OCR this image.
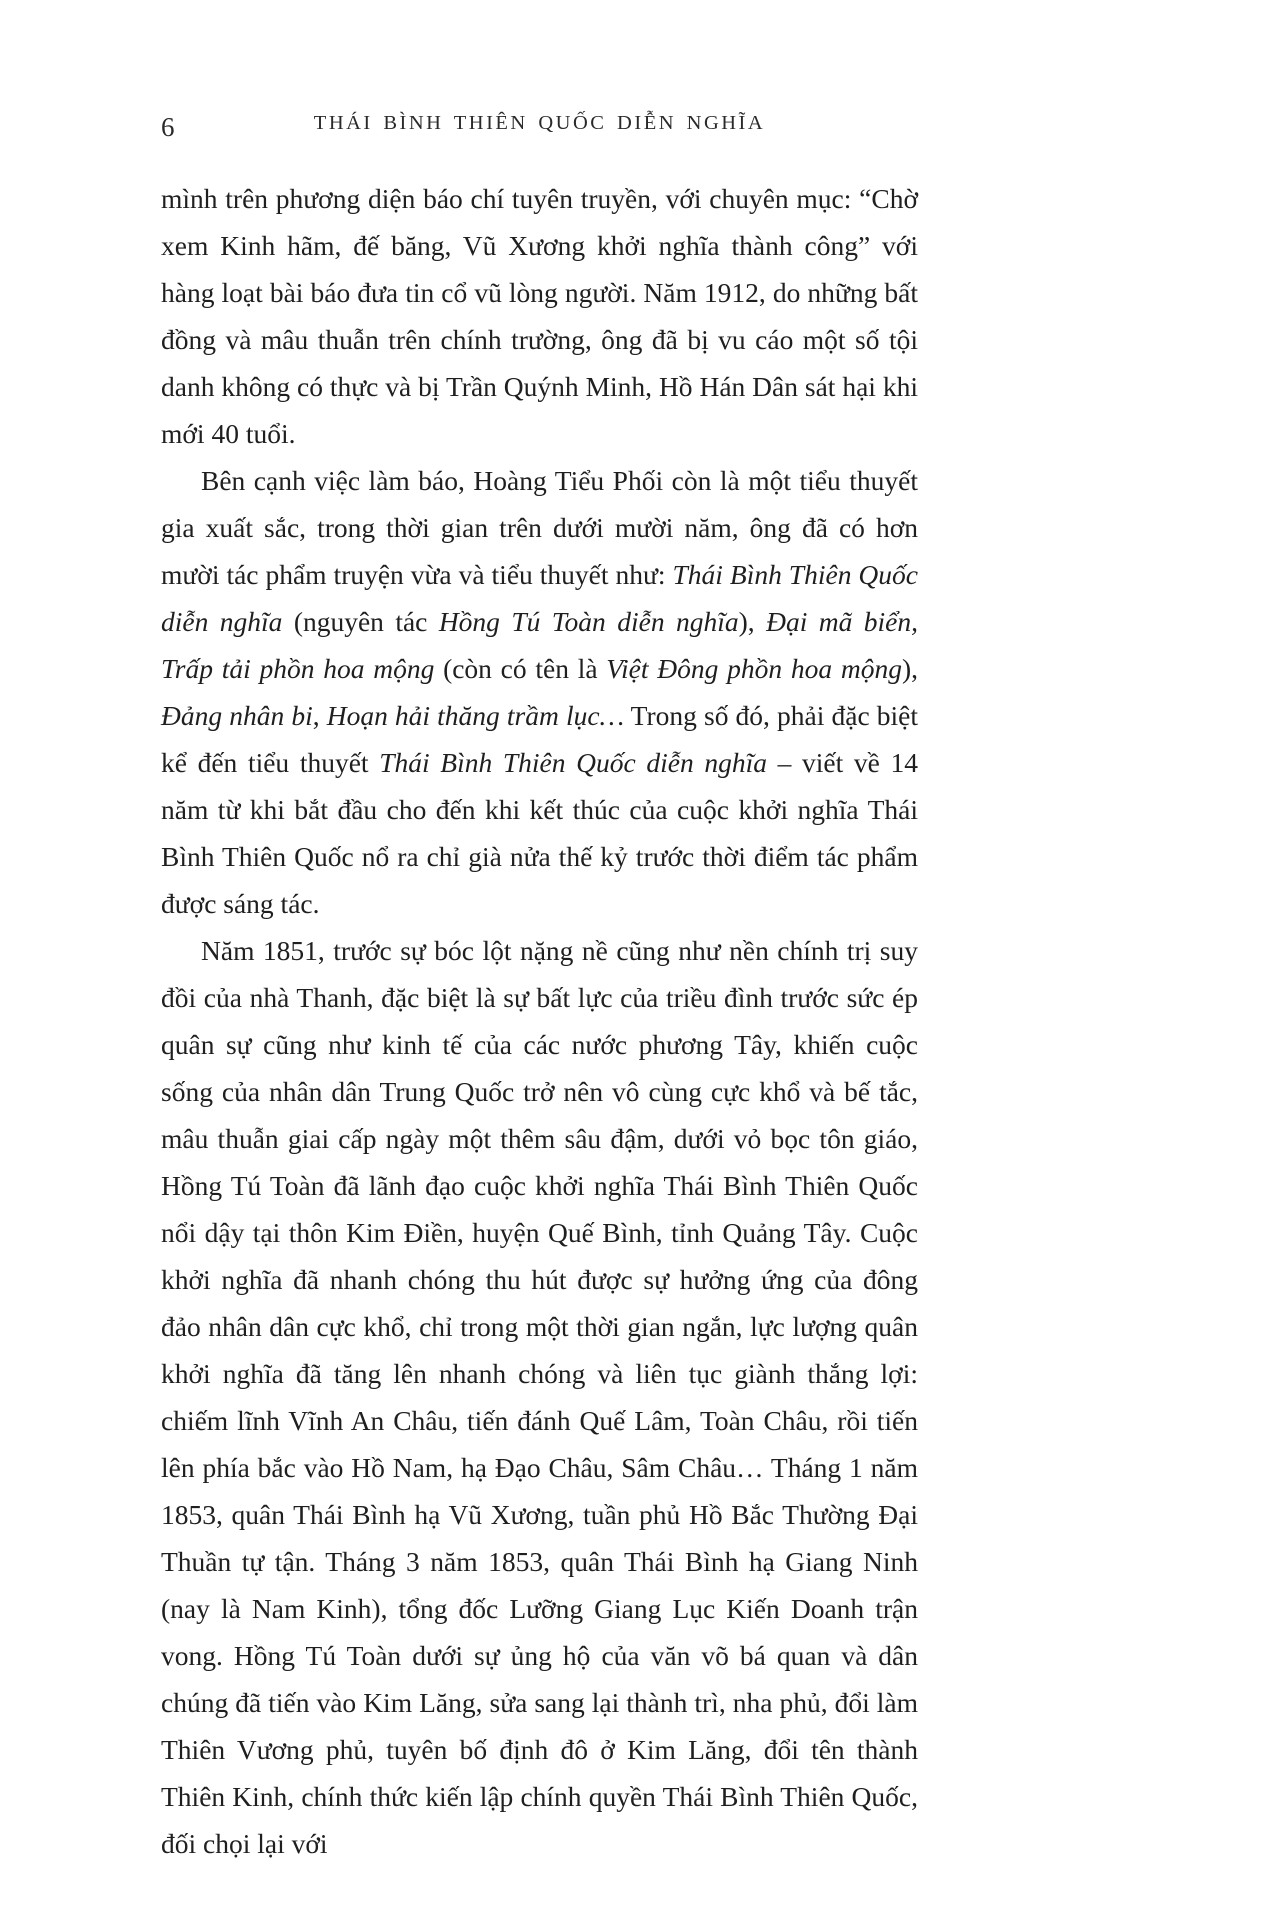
6	THÁI BÌNH THIÊN QUỐC DIỄN NGHĨA

mình trên phương diện báo chí tuyên truyền, với chuyên mục: “Chờ xem Kinh hãm, đế băng, Vũ Xương khởi nghĩa thành công” với hàng loạt bài báo đưa tin cổ vũ lòng người. Năm 1912, do những bất đồng và mâu thuẫn trên chính trường, ông đã bị vu cáo một số tội danh không có thực và bị Trần Quýnh Minh, Hồ Hán Dân sát hại khi mới 40 tuổi.

Bên cạnh việc làm báo, Hoàng Tiểu Phối còn là một tiểu thuyết gia xuất sắc, trong thời gian trên dưới mười năm, ông đã có hơn mười tác phẩm truyện vừa và tiểu thuyết như: Thái Bình Thiên Quốc diễn nghĩa (nguyên tác Hồng Tú Toàn diễn nghĩa), Đại mã biển, Trấp tải phồn hoa mộng (còn có tên là Việt Đông phồn hoa mộng), Đảng nhân bi, Hoạn hải thăng trầm lục… Trong số đó, phải đặc biệt kể đến tiểu thuyết Thái Bình Thiên Quốc diễn nghĩa – viết về 14 năm từ khi bắt đầu cho đến khi kết thúc của cuộc khởi nghĩa Thái Bình Thiên Quốc nổ ra chỉ già nửa thế kỷ trước thời điểm tác phẩm được sáng tác.

Năm 1851, trước sự bóc lột nặng nề cũng như nền chính trị suy đồi của nhà Thanh, đặc biệt là sự bất lực của triều đình trước sức ép quân sự cũng như kinh tế của các nước phương Tây, khiến cuộc sống của nhân dân Trung Quốc trở nên vô cùng cực khổ và bế tắc, mâu thuẫn giai cấp ngày một thêm sâu đậm, dưới vỏ bọc tôn giáo, Hồng Tú Toàn đã lãnh đạo cuộc khởi nghĩa Thái Bình Thiên Quốc nổi dậy tại thôn Kim Điền, huyện Quế Bình, tỉnh Quảng Tây. Cuộc khởi nghĩa đã nhanh chóng thu hút được sự hưởng ứng của đông đảo nhân dân cực khổ, chỉ trong một thời gian ngắn, lực lượng quân khởi nghĩa đã tăng lên nhanh chóng và liên tục giành thắng lợi: chiếm lĩnh Vĩnh An Châu, tiến đánh Quế Lâm, Toàn Châu, rồi tiến lên phía bắc vào Hồ Nam, hạ Đạo Châu, Sâm Châu… Tháng 1 năm 1853, quân Thái Bình hạ Vũ Xương, tuần phủ Hồ Bắc Thường Đại Thuần tự tận. Tháng 3 năm 1853, quân Thái Bình hạ Giang Ninh (nay là Nam Kinh), tổng đốc Lưỡng Giang Lục Kiến Doanh trận vong. Hồng Tú Toàn dưới sự ủng hộ của văn võ bá quan và dân chúng đã tiến vào Kim Lăng, sửa sang lại thành trì, nha phủ, đổi làm Thiên Vương phủ, tuyên bố định đô ở Kim Lăng, đổi tên thành Thiên Kinh, chính thức kiến lập chính quyền Thái Bình Thiên Quốc, đối chọi lại với
